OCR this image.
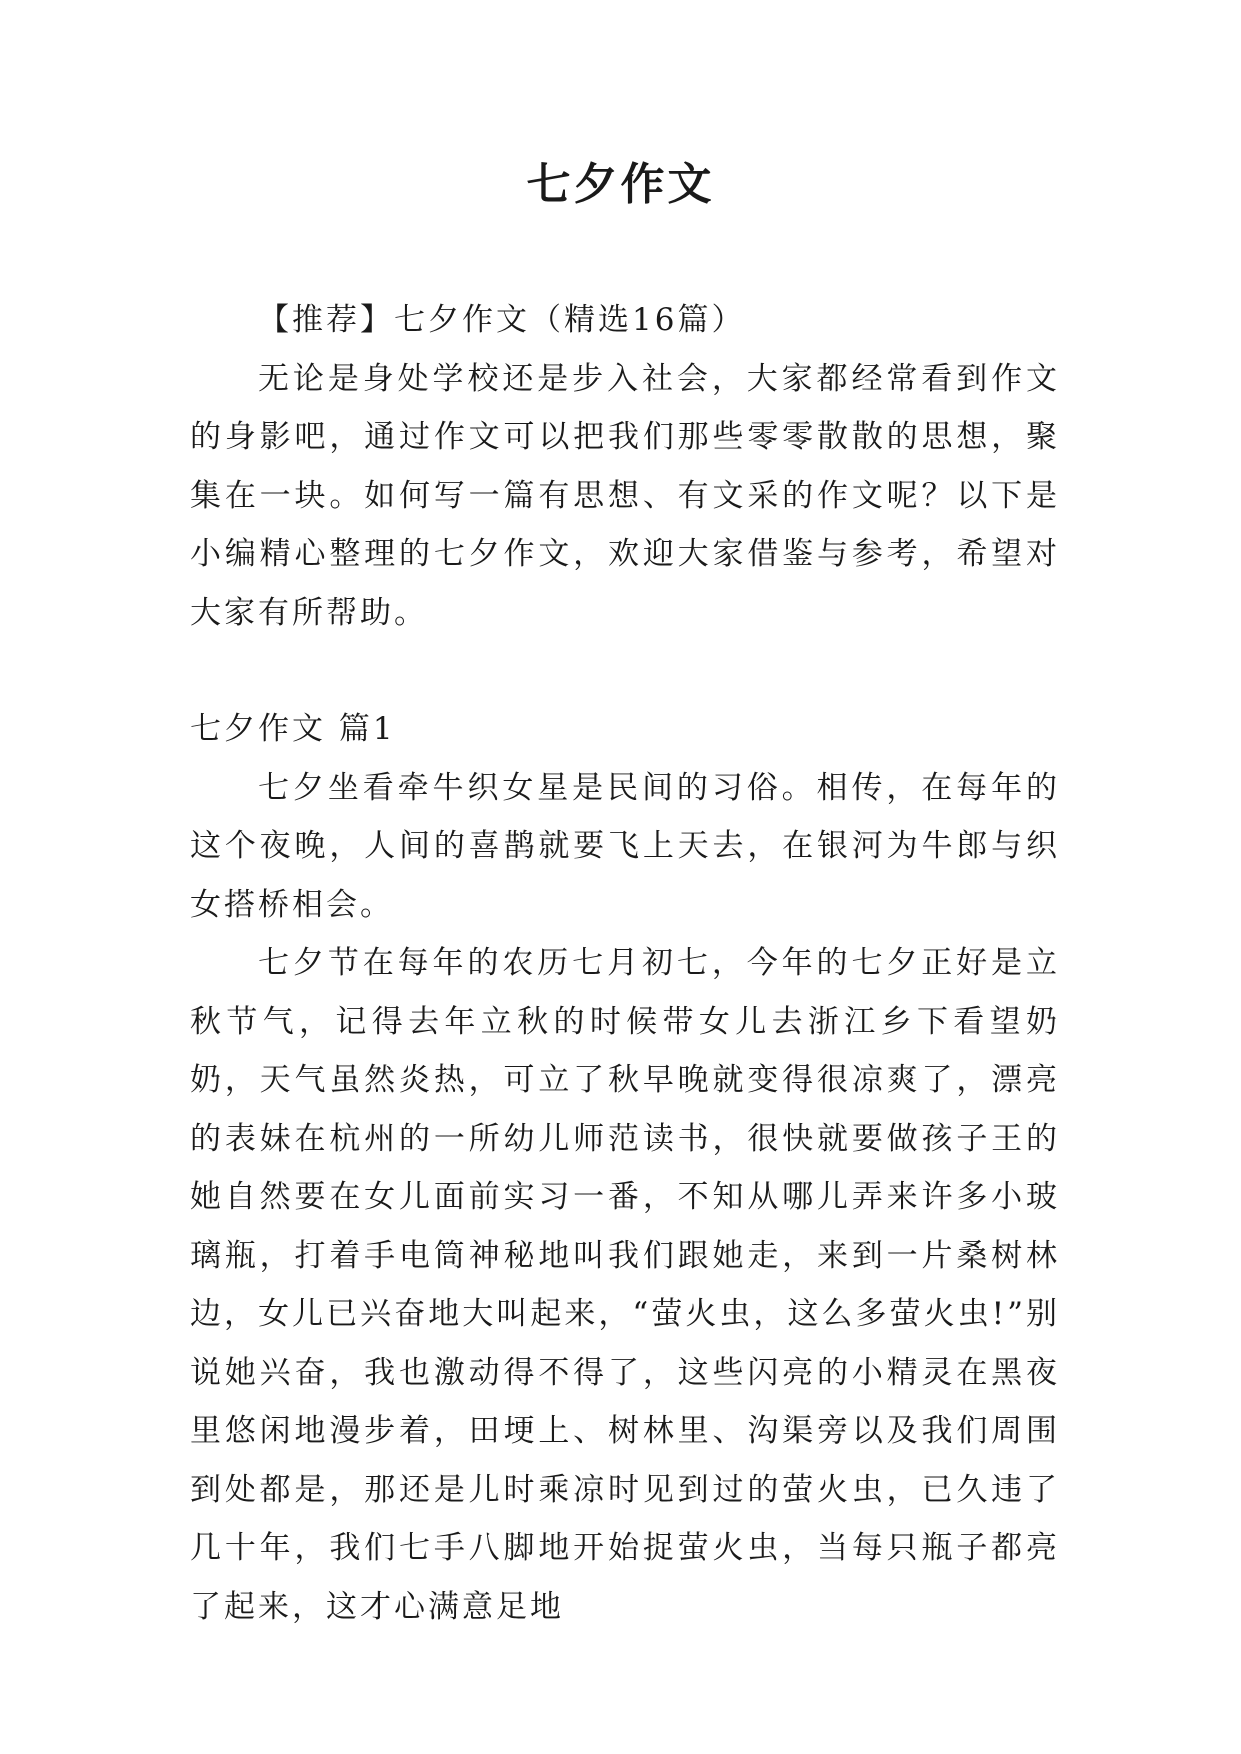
七夕作文

【推荐】七夕作文（精选16篇）

无论是身处学校还是步入社会，大家都经常看到作文的身影吧，通过作文可以把我们那些零零散散的思想，聚集在一块。如何写一篇有思想、有文采的作文呢？以下是小编精心整理的七夕作文，欢迎大家借鉴与参考，希望对大家有所帮助。

七夕作文 篇1

七夕坐看牵牛织女星是民间的习俗。相传，在每年的这个夜晚，人间的喜鹊就要飞上天去，在银河为牛郎与织女搭桥相会。

七夕节在每年的农历七月初七，今年的七夕正好是立秋节气，记得去年立秋的时候带女儿去浙江乡下看望奶奶，天气虽然炎热，可立了秋早晚就变得很凉爽了，漂亮的表妹在杭州的一所幼儿师范读书，很快就要做孩子王的她自然要在女儿面前实习一番，不知从哪儿弄来许多小玻璃瓶，打着手电筒神秘地叫我们跟她走，来到一片桑树林边，女儿已兴奋地大叫起来，“萤火虫，这么多萤火虫!”别说她兴奋，我也激动得不得了，这些闪亮的小精灵在黑夜里悠闲地漫步着，田埂上、树林里、沟渠旁以及我们周围到处都是，那还是儿时乘凉时见到过的萤火虫，已久违了几十年，我们七手八脚地开始捉萤火虫，当每只瓶子都亮了起来，这才心满意足地
